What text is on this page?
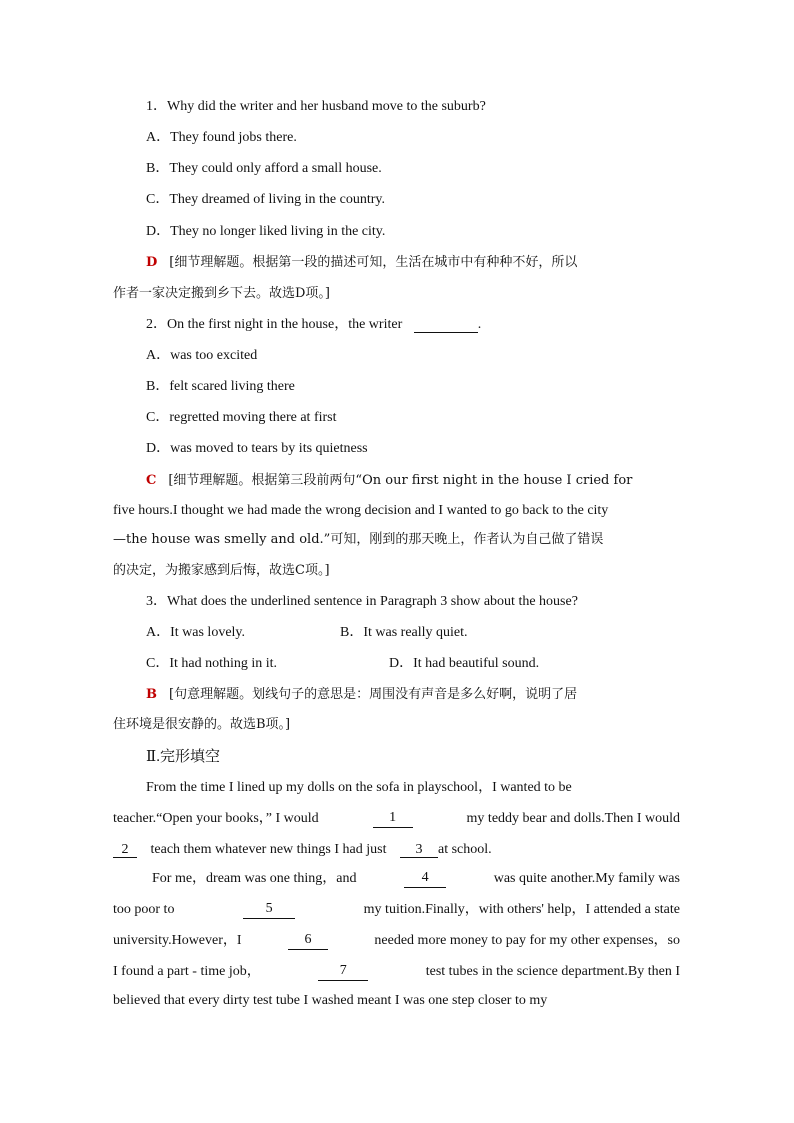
1．Why did the writer and her husband move to the suburb?
A．They found jobs there.
B．They could only afford a small house.
C．They dreamed of living in the country.
D．They no longer liked living in the city.
D [细节理解题。根据第一段的描述可知，生活在城市中有种种不好，所以
作者一家决定搬到乡下去。故选D项。]
2．On the first night in the house，the writer	.
A．was too excited
B．felt scared living there
C．regretted moving there at first
D．was moved to tears by its quietness
C [细节理解题。根据第三段前两句“On our first night in the house I cried for
five hours.I thought we had made the wrong decision and I wanted to go back to the city
—the house was smelly and old.”可知，刚到的那天晚上，作者认为自己做了错误
的决定，为搬家感到后悔，故选C项。]
3．What does the underlined sentence in Paragraph 3 show about the house?
A．It was lovely.	B．It was really quiet.
C．It had nothing in it.	D．It had beautiful sound.
B [句意理解题。划线句子的意思是：周围没有声音是多么好啊，说明了居
住环境是很安静的。故选B项。]
Ⅱ.完形填空
From the time I lined up my dolls on the sofa in playschool，I wanted to be
teacher.“Open your books，” I would	1	my teddy bear and dolls.Then I would
2 teach them whatever new things I had just 3 at school.
For me，dream was one thing，and	4	was quite another.My family was
too poor to	5	my tuition.Finally，with others' help，I attended a state
university.However，I	6	needed more money to pay for my other expenses，so
I found a part - time job，	7	test tubes in the science department.By then I
believed that every dirty test tube I washed meant I was one step closer to my
